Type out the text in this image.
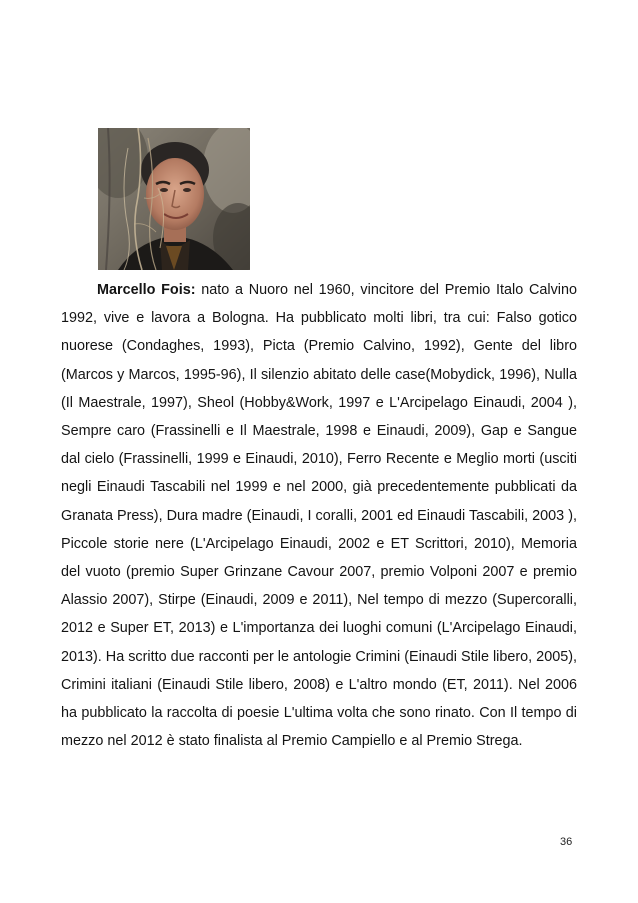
Marcello Fois: nato a Nuoro nel 1960, vincitore del Premio Italo Calvino 1992, vive e lavora a Bologna. Ha pubblicato molti libri, tra cui: Falso gotico nuorese (Condaghes, 1993), Picta (Premio Calvino, 1992), Gente del libro (Marcos y Marcos, 1995-96), Il silenzio abitato delle case(Mobydick, 1996), Nulla (Il Maestrale, 1997), Sheol (Hobby&Work, 1997 e L'Arcipelago Einaudi, 2004 ), Sempre caro (Frassinelli e Il Maestrale, 1998 e Einaudi, 2009), Gap e Sangue dal cielo (Frassinelli, 1999 e Einaudi, 2010), Ferro Recente e Meglio morti (usciti negli Einaudi Tascabili nel 1999 e nel 2000, già precedentemente pubblicati da Granata Press), Dura madre (Einaudi, I coralli, 2001 ed Einaudi Tascabili, 2003 ), Piccole storie nere (L'Arcipelago Einaudi, 2002 e ET Scrittori, 2010), Memoria del vuoto (premio Super Grinzane Cavour 2007, premio Volponi 2007 e premio Alassio 2007), Stirpe (Einaudi, 2009 e 2011), Nel tempo di mezzo (Supercoralli, 2012 e Super ET, 2013) e L'importanza dei luoghi comuni (L'Arcipelago Einaudi, 2013). Ha scritto due racconti per le antologie Crimini (Einaudi Stile libero, 2005), Crimini italiani (Einaudi Stile libero, 2008) e L'altro mondo (ET, 2011). Nel 2006 ha pubblicato la raccolta di poesie L'ultima volta che sono rinato. Con Il tempo di mezzo nel 2012 è stato finalista al Premio Campiello e al Premio Strega.

36
